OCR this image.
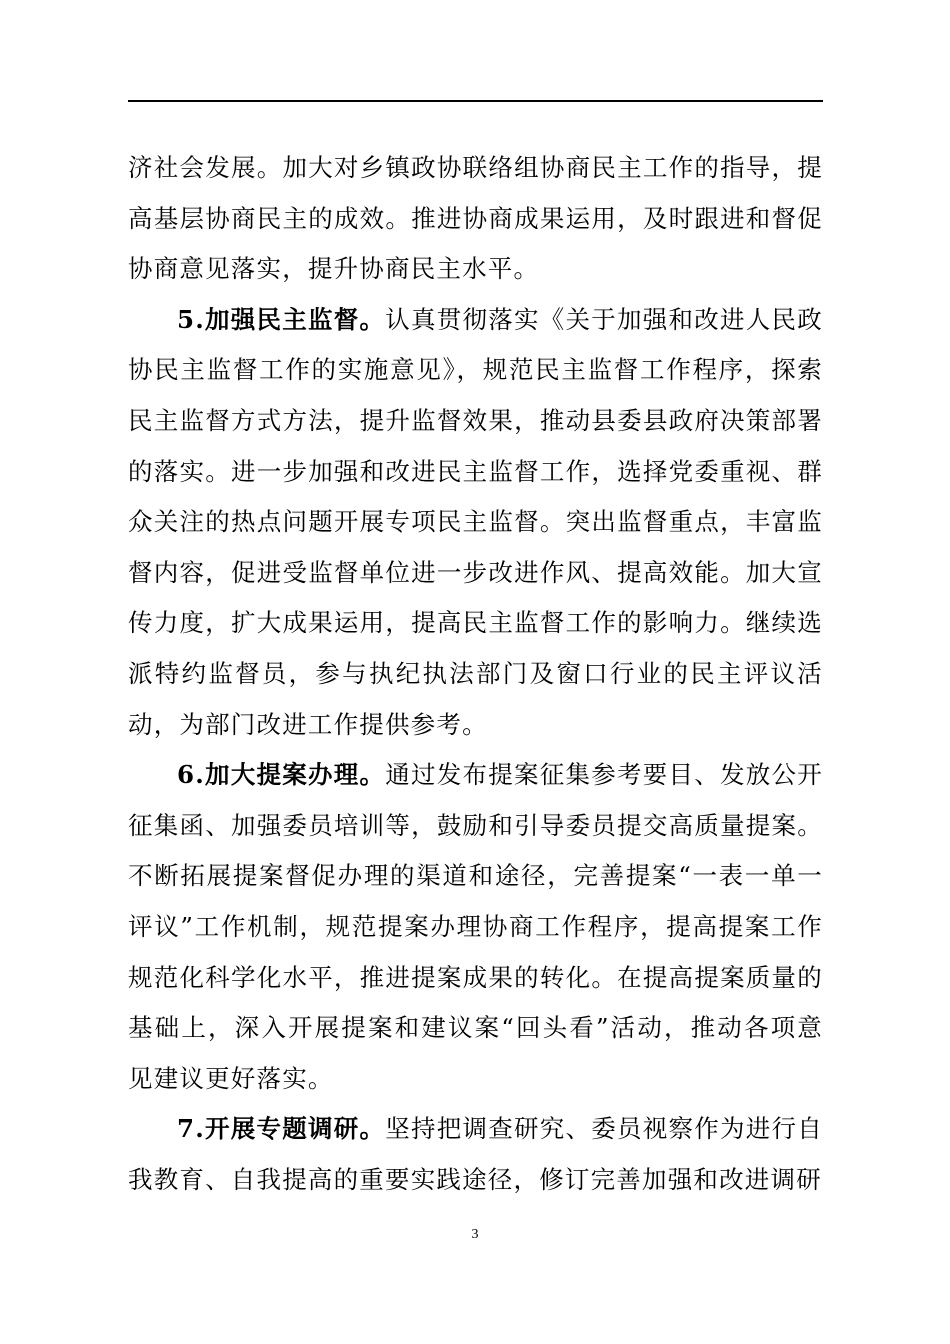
济社会发展。加大对乡镇政协联络组协商民主工作的指导，提高基层协商民主的成效。推进协商成果运用，及时跟进和督促协商意见落实，提升协商民主水平。

5.加强民主监督。认真贯彻落实《关于加强和改进人民政协民主监督工作的实施意见》，规范民主监督工作程序，探索民主监督方式方法，提升监督效果，推动县委县政府决策部署的落实。进一步加强和改进民主监督工作，选择党委重视、群众关注的热点问题开展专项民主监督。突出监督重点，丰富监督内容，促进受监督单位进一步改进作风、提高效能。加大宣传力度，扩大成果运用，提高民主监督工作的影响力。继续选派特约监督员，参与执纪执法部门及窗口行业的民主评议活动，为部门改进工作提供参考。

6.加大提案办理。通过发布提案征集参考要目、发放公开征集函、加强委员培训等，鼓励和引导委员提交高质量提案。不断拓展提案督促办理的渠道和途径，完善提案“一表一单一评议”工作机制，规范提案办理协商工作程序，提高提案工作规范化科学化水平，推进提案成果的转化。在提高提案质量的基础上，深入开展提案和建议案“回头看”活动，推动各项意见建议更好落实。

7.开展专题调研。坚持把调查研究、委员视察作为进行自我教育、自我提高的重要实践途径，修订完善加强和改进调研

3
